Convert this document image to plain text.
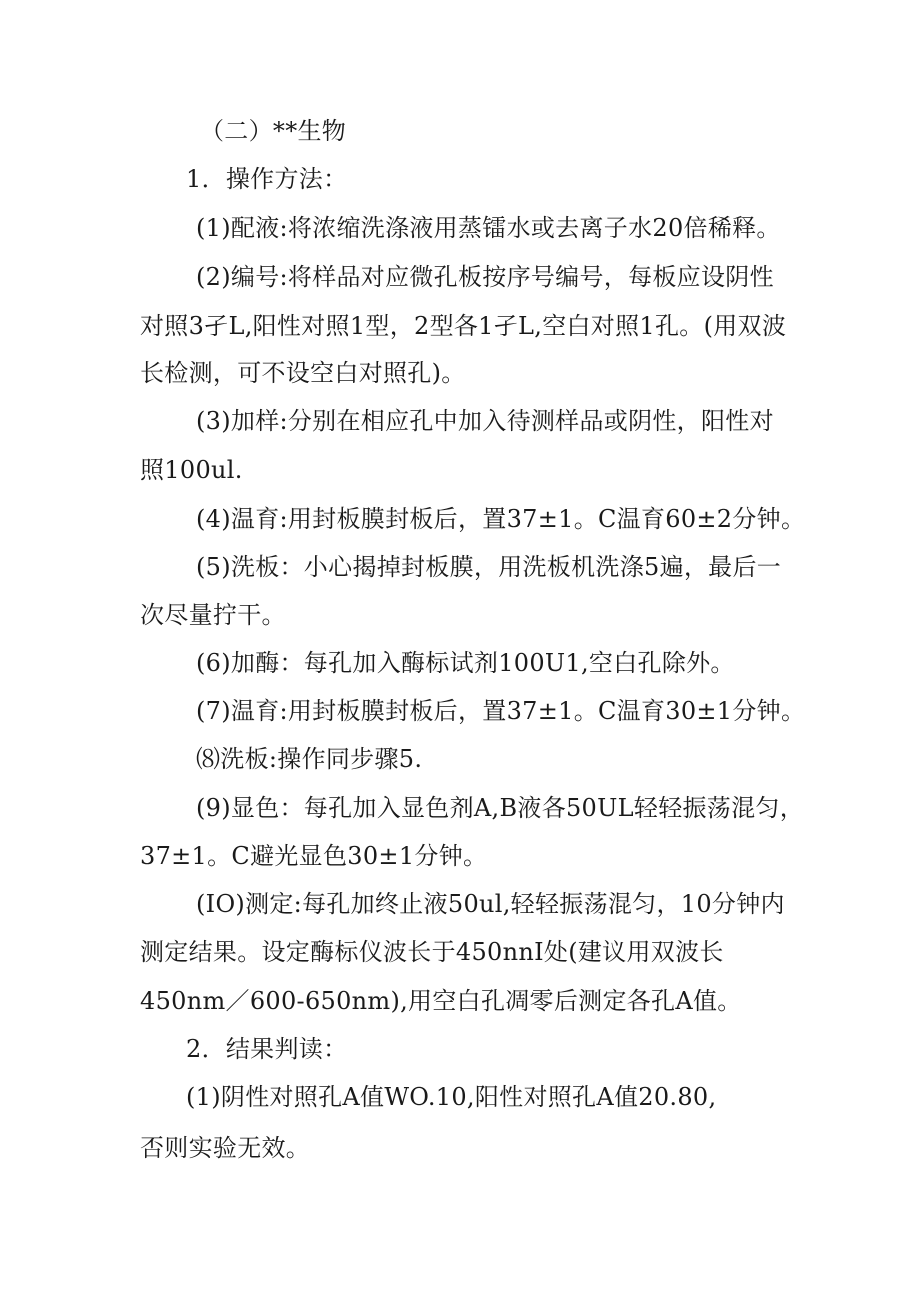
（二）**生物
1．操作方法：
(1)配液:将浓缩洗涤液用蒸镭水或去离子水20倍稀释。
(2)编号:将样品对应微孔板按序号编号，每板应设阴性
对照3孑L,阳性对照1型，2型各1孑L,空白对照1孔。(用双波
长检测，可不设空白对照孔)。
(3)加样:分别在相应孔中加入待测样品或阴性，阳性对
照100ul.
(4)温育:用封板膜封板后，置37±1。C温育60±2分钟。
(5)洗板：小心揭掉封板膜，用洗板机洗涤5遍，最后一
次尽量拧干。
(6)加酶：每孔加入酶标试剂100U1,空白孔除外。
(7)温育:用封板膜封板后，置37±1。C温育30±1分钟。
⑻洗板:操作同步骤5.
(9)显色：每孔加入显色剂A,B液各50UL轻轻振荡混匀，
37±1。C避光显色30±1分钟。
(IO)测定:每孔加终止液50ul,轻轻振荡混匀，10分钟内
测定结果。设定酶标仪波长于450nnI处(建议用双波长
450nm／600-650nm),用空白孔凋零后测定各孔A值。
2．结果判读：
(1)阴性对照孔A值WO.10,阳性对照孔A值20.80,
否则实验无效。
